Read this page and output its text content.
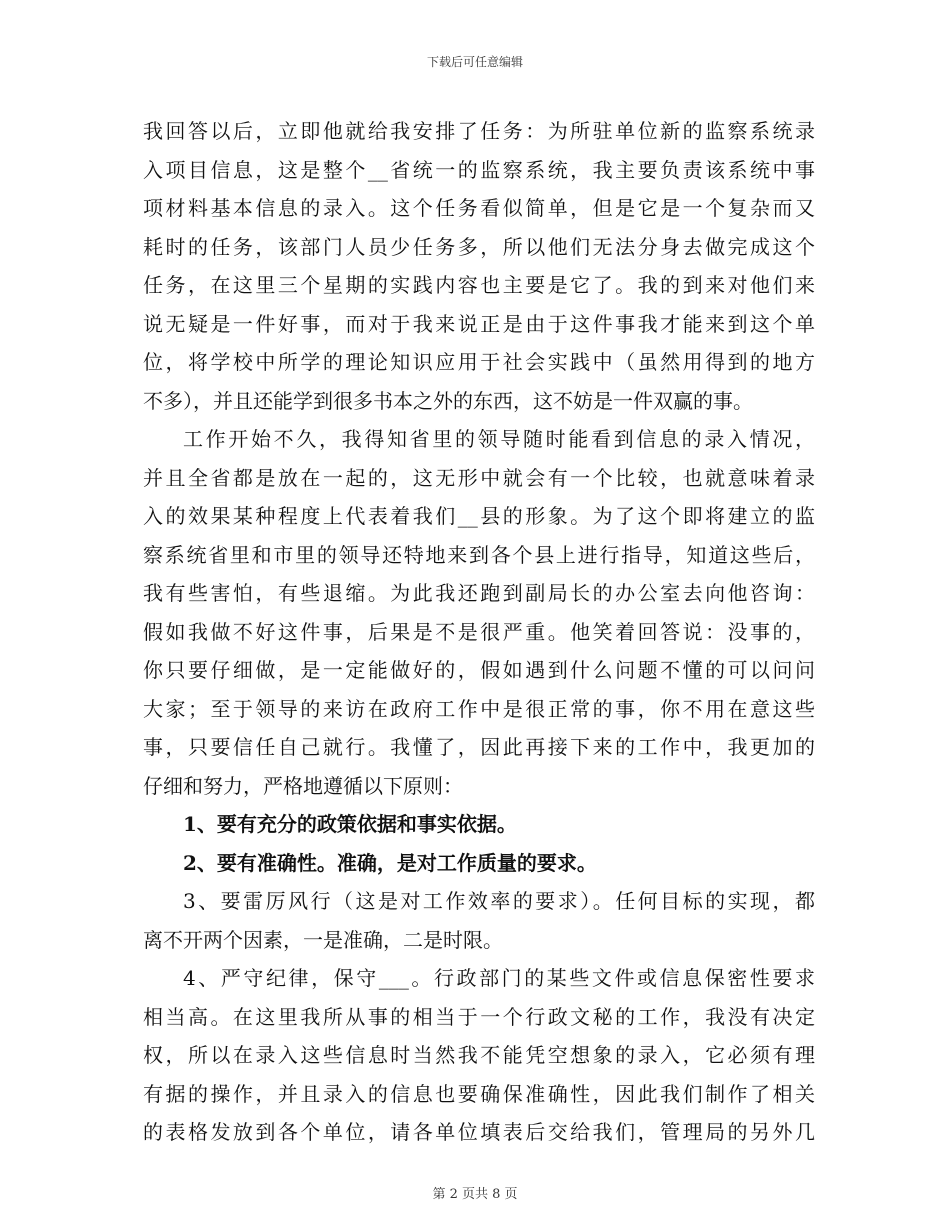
下载后可任意编辑
我回答以后，立即他就给我安排了任务：为所驻单位新的监察系统录
入项目信息，这是整个__省统一的监察系统，我主要负责该系统中事
项材料基本信息的录入。这个任务看似简单，但是它是一个复杂而又
耗时的任务，该部门人员少任务多，所以他们无法分身去做完成这个
任务，在这里三个星期的实践内容也主要是它了。我的到来对他们来
说无疑是一件好事，而对于我来说正是由于这件事我才能来到这个单
位，将学校中所学的理论知识应用于社会实践中（虽然用得到的地方
不多），并且还能学到很多书本之外的东西，这不妨是一件双赢的事。
工作开始不久，我得知省里的领导随时能看到信息的录入情况，
并且全省都是放在一起的，这无形中就会有一个比较，也就意味着录
入的效果某种程度上代表着我们__县的形象。为了这个即将建立的监
察系统省里和市里的领导还特地来到各个县上进行指导，知道这些后，
我有些害怕，有些退缩。为此我还跑到副局长的办公室去向他咨询：
假如我做不好这件事，后果是不是很严重。他笑着回答说：没事的，
你只要仔细做，是一定能做好的，假如遇到什么问题不懂的可以问问
大家；至于领导的来访在政府工作中是很正常的事，你不用在意这些
事，只要信任自己就行。我懂了，因此再接下来的工作中，我更加的
仔细和努力，严格地遵循以下原则：
1、要有充分的政策依据和事实依据。
2、要有准确性。准确，是对工作质量的要求。
3、要雷厉风行（这是对工作效率的要求）。任何目标的实现，都
离不开两个因素，一是准确，二是时限。
4、严守纪律，保守___。行政部门的某些文件或信息保密性要求
相当高。在这里我所从事的相当于一个行政文秘的工作，我没有决定
权，所以在录入这些信息时当然我不能凭空想象的录入，它必须有理
有据的操作，并且录入的信息也要确保准确性，因此我们制作了相关
的表格发放到各个单位，请各单位填表后交给我们，管理局的另外几
第 2 页共 8 页
